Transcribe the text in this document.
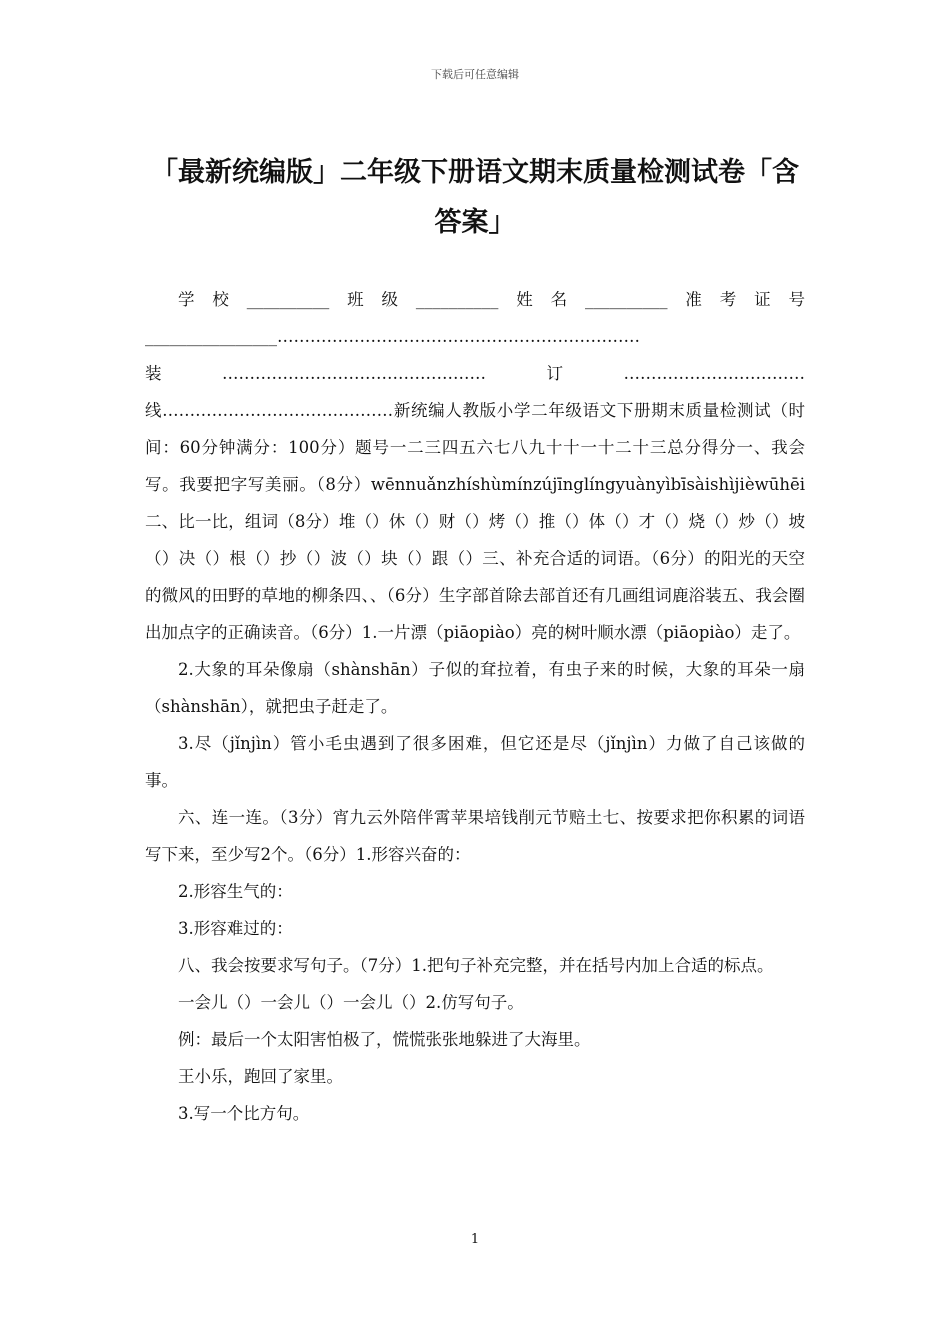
下载后可任意编辑
「最新统编版」二年级下册语文期末质量检测试卷「含答案」

学校__________班级__________姓名__________准考证号________________…………………………………………………………装…………………………………………订……………………………线……………………………………新统编人教版小学二年级语文下册期末质量检测试（时间：60分钟满分：100分）题号一二三四五六七八九十十一十二十三总分得分一、我会写。我要把字写美丽。（8分）wēnnuǎnzhíshùmínzújīnglíngyuànyìbīsàishìjièwūhēi二、比一比，组词（8分）堆（）休（）财（）烤（）推（）体（）才（）烧（）炒（）坡（）决（）根（）抄（）波（）块（）跟（）三、补充合适的词语。（6分）的阳光的天空的微风的田野的草地的柳条四、、（6分）生字部首除去部首还有几画组词鹿浴装五、我会圈出加点字的正确读音。（6分）1.一片漂（piāopiào）亮的树叶顺水漂（piāopiào）走了。

2.大象的耳朵像扇（shànshān）子似的耷拉着，有虫子来的时候，大象的耳朵一扇（shànshān），就把虫子赶走了。

3.尽（jǐnjìn）管小毛虫遇到了很多困难，但它还是尽（jǐnjìn）力做了自己该做的事。

六、连一连。（3分）宵九云外陪伴霄苹果培钱削元节赔土七、按要求把你积累的词语写下来，至少写2个。（6分）1.形容兴奋的：

2.形容生气的：

3.形容难过的：

八、我会按要求写句子。（7分）1.把句子补充完整，并在括号内加上合适的标点。

一会儿（）一会儿（）一会儿（）2.仿写句子。

例：最后一个太阳害怕极了，慌慌张张地躲进了大海里。

王小乐，跑回了家里。

3.写一个比方句。

1
